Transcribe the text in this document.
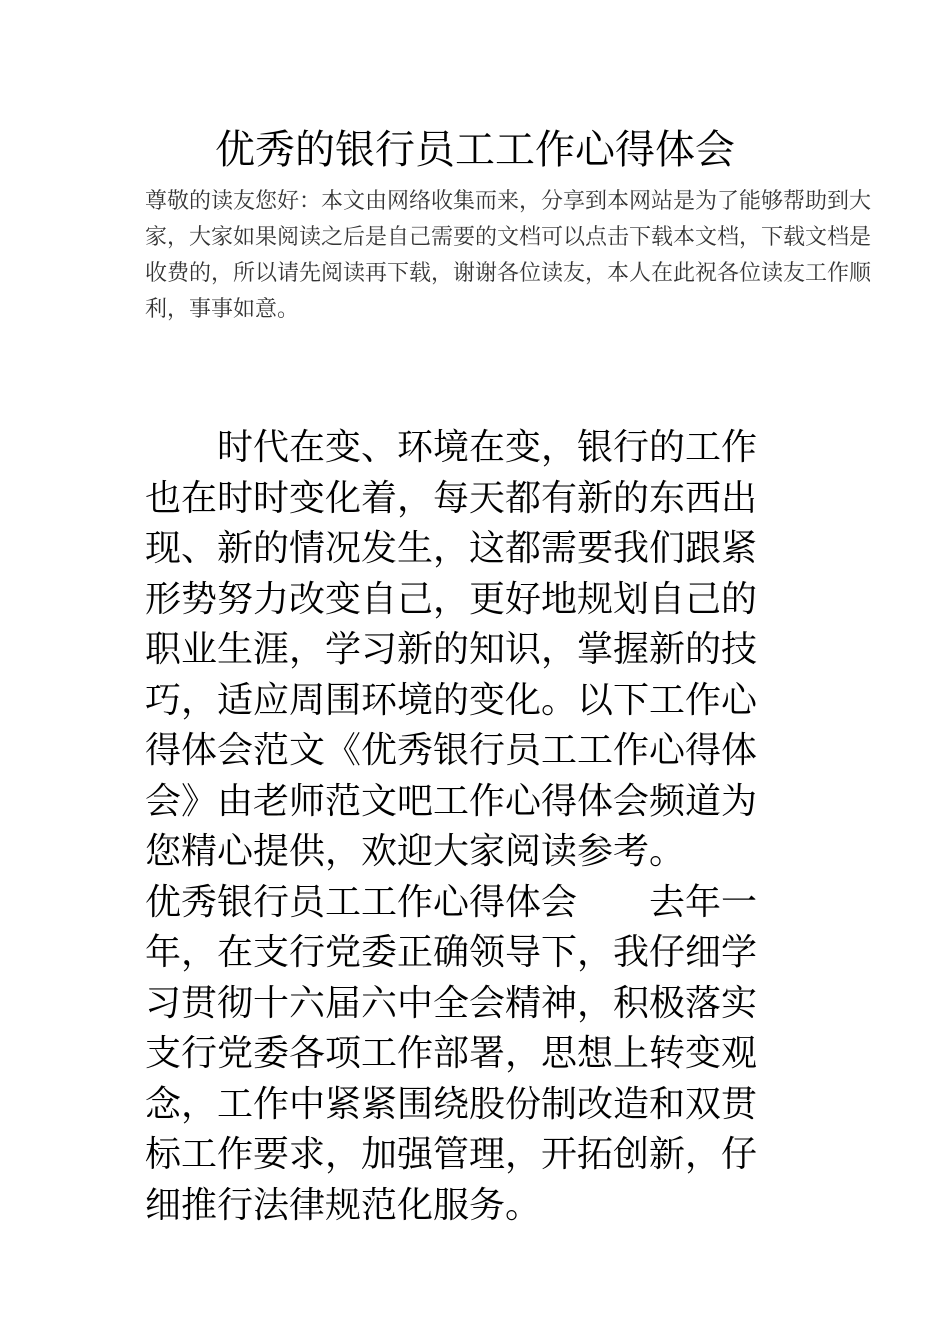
优秀的银行员工工作心得体会
尊敬的读友您好：本文由网络收集而来，分享到本网站是为了能够帮助到大
家，大家如果阅读之后是自己需要的文档可以点击下载本文档，下载文档是
收费的，所以请先阅读再下载，谢谢各位读友，本人在此祝各位读友工作顺
利，事事如意。
　　时代在变、环境在变，银行的工作
也在时时变化着，每天都有新的东西出
现、新的情况发生，这都需要我们跟紧
形势努力改变自己，更好地规划自己的
职业生涯，学习新的知识，掌握新的技
巧，适应周围环境的变化。以下工作心
得体会范文《优秀银行员工工作心得体
会》由老师范文吧工作心得体会频道为
您精心提供，欢迎大家阅读参考。
优秀银行员工工作心得体会　　去年一
年，在支行党委正确领导下，我仔细学
习贯彻十六届六中全会精神，积极落实
支行党委各项工作部署，思想上转变观
念，工作中紧紧围绕股份制改造和双贯
标工作要求，加强管理，开拓创新，仔
细推行法律规范化服务。
